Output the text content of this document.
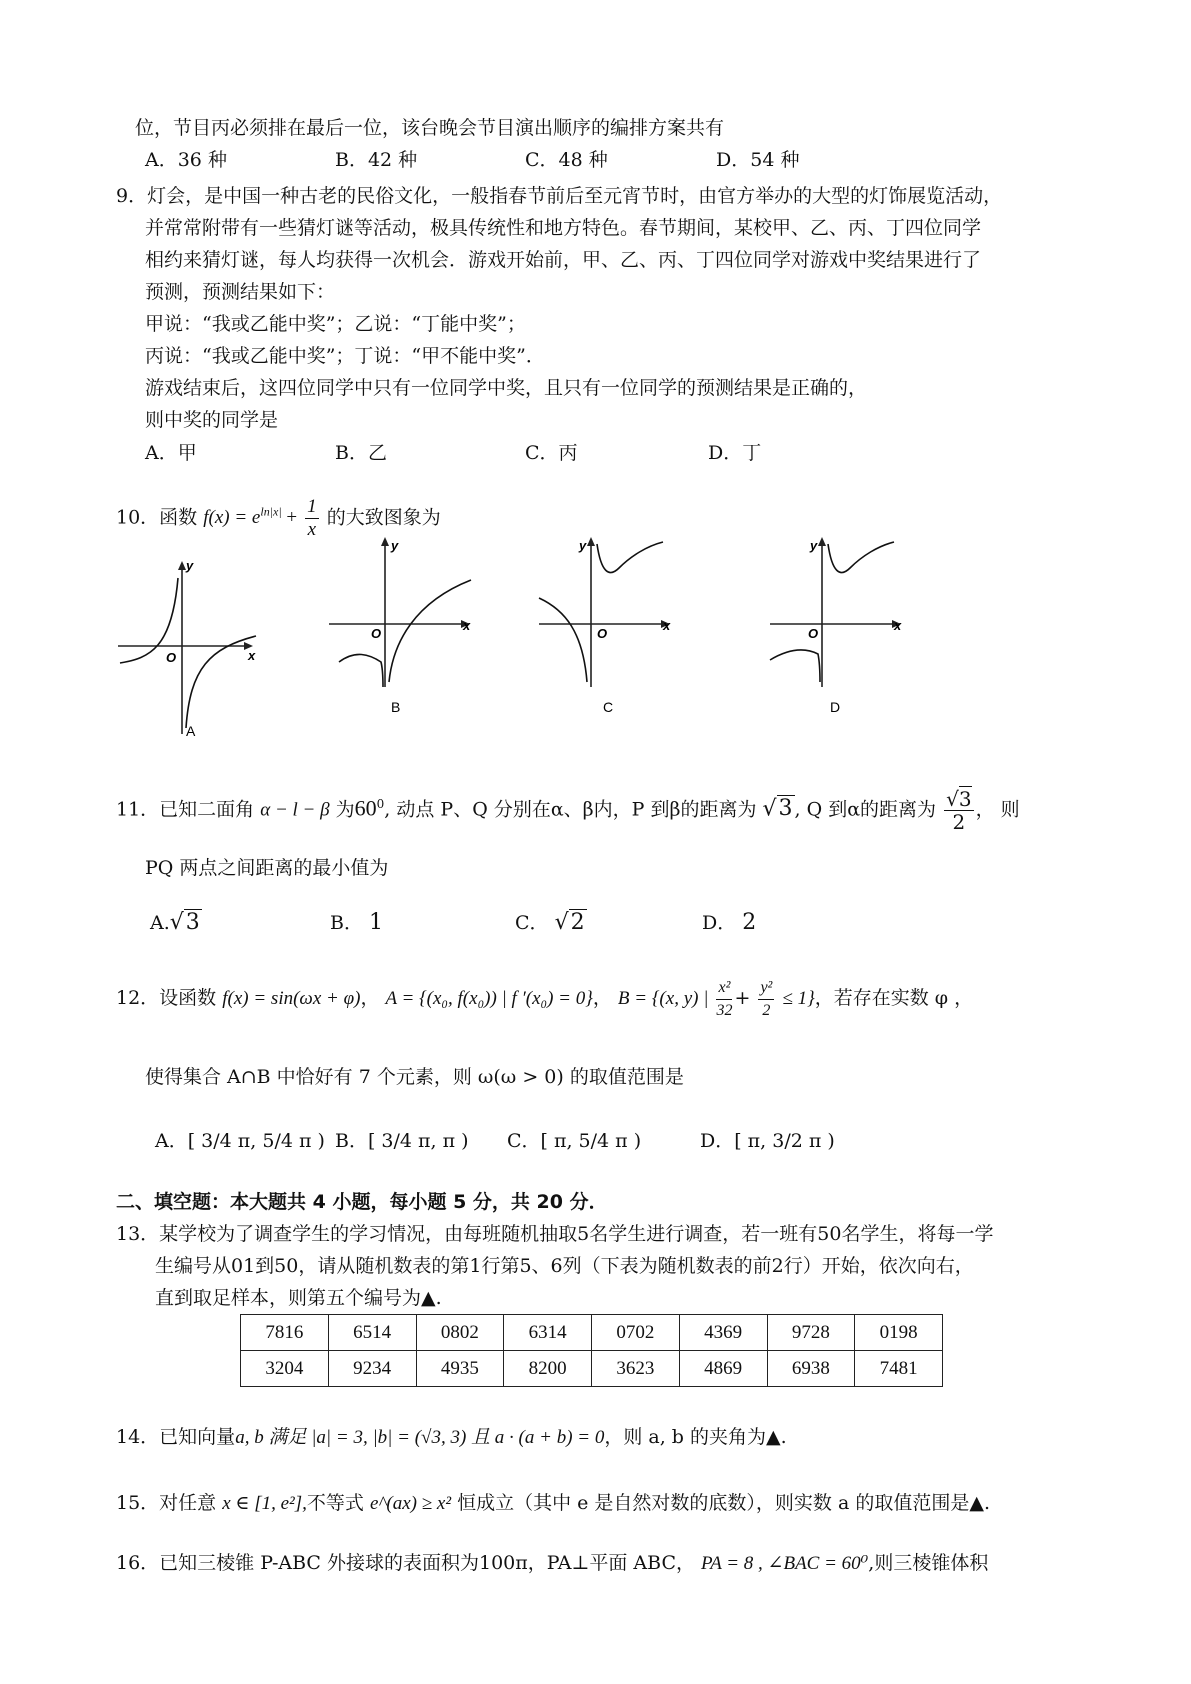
位，节目丙必须排在最后一位，该台晚会节目演出顺序的编排方案共有
A．36 种	B．42 种	C．48 种	D．54 种
9．灯会，是中国一种古老的民俗文化，一般指春节前后至元宵节时，由官方举办的大型的灯饰展览活动，
并常常附带有一些猜灯谜等活动，极具传统性和地方特色。春节期间，某校甲、乙、丙、丁四位同学
相约来猜灯谜，每人均获得一次机会．游戏开始前，甲、乙、丙、丁四位同学对游戏中奖结果进行了
预测，预测结果如下：
甲说：“我或乙能中奖”；乙说：“丁能中奖”；
丙说：“我或乙能中奖”；丁说：“甲不能中奖”．
游戏结束后，这四位同学中只有一位同学中奖，且只有一位同学的预测结果是正确的，
则中奖的同学是
A．甲	B．乙	C．丙	D．丁
10．函数 $f(x) = e^{ln|x|} + \frac{1}{x}$ 的大致图象为
y
x
O
A
y
x
O
B
y
x
O
C
y
x
O
D
11．已知二面角 α − l − β 为$60^0$, 动点 P、Q 分别在α、β内，P 到β的距离为 √3 , Q 到α的距离为 $\frac{√3}{2}$ ， 则
PQ 两点之间距离的最小值为
A.√3	B． 1	C． √2	D． 2
12．设函数 f(x) = sin(ωx + φ)， A = {(x₀, f(x₀)) | f ′(x₀) = 0}， B = {(x, y) | $\frac{\text{x²}}{32} + \frac{\text{y²}}{2} \le 1$}，若存在实数 φ ，
使得集合 A∩B 中恰好有 7 个元素，则 ω(ω > 0) 的取值范围是
A．[ 3/4 π, 5/4 π ) B．[ 3/4 π, π ) C．[ π, 5/4 π )	D．[ π, 3/2 π )
二、填空题：本大题共 4 小题，每小题 5 分，共 20 分．
13．某学校为了调查学生的学习情况，由每班随机抽取5名学生进行调查，若一班有50名学生，将每一学
生编号从01到50，请从随机数表的第1行第5、6列（下表为随机数表的前2行）开始，依次向右，
直到取足样本，则第五个编号为▲.
7816	6514	0802	6314	0702	4369	9728	0198
3204	9234	4935	8200	3623	4869	6938	7481
14．已知向量a, b 满足 |a| = 3, |b| = (√3, 3) 且 a · (a + b) = 0，则 a, b 的夹角为▲.
15．对任意 x ∈ [1, e²],不等式 e^(ax) ≥ x² 恒成立（其中 e 是自然对数的底数），则实数 a 的取值范围是▲.
16．已知三棱锥 P-ABC 外接球的表面积为100π，PA⊥平面 ABC， PA = 8 , ∠BAC = 60⁰,则三棱锥体积
